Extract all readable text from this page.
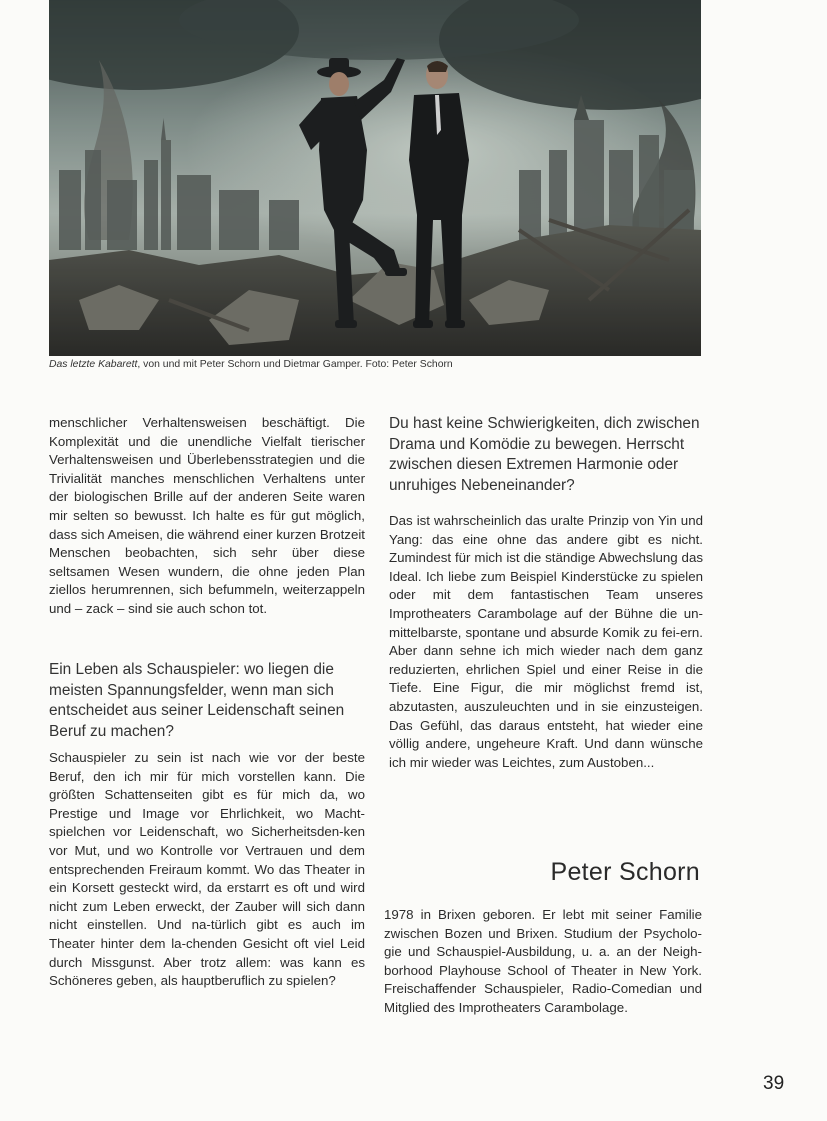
Das letzte Kabarett, von und mit Peter Schorn und Dietmar Gamper. Foto: Peter Schorn

menschlicher Verhaltensweisen beschäftigt. Die Komplexität und die unendliche Vielfalt tierischer Verhaltensweisen und Überlebensstrategien und die Trivialität manches menschlichen Verhaltens unter der biologischen Brille auf der anderen Seite waren mir selten so bewusst. Ich halte es für gut möglich, dass sich Ameisen, die während einer kurzen Brotzeit Menschen beobachten, sich sehr über diese seltsamen Wesen wundern, die ohne jeden Plan ziellos herumrennen, sich befummeln, weiterzappeln und – zack – sind sie auch schon tot.

Ein Leben als Schauspieler: wo liegen die meisten Spannungsfelder, wenn man sich entscheidet aus seiner Leidenschaft seinen Beruf zu machen?

Schauspieler zu sein ist nach wie vor der beste Beruf, den ich mir für mich vorstellen kann. Die größten Schattenseiten gibt es für mich da, wo Prestige und Image vor Ehrlichkeit, wo Macht-spielchen vor Leidenschaft, wo Sicherheitsden-ken vor Mut, und wo Kontrolle vor Vertrauen und dem entsprechenden Freiraum kommt. Wo das Theater in ein Korsett gesteckt wird, da erstarrt es oft und wird nicht zum Leben erweckt, der Zauber will sich dann nicht einstellen. Und na-türlich gibt es auch im Theater hinter dem la-chenden Gesicht oft viel Leid durch Missgunst. Aber trotz allem: was kann es Schöneres geben, als hauptberuflich zu spielen?

Du hast keine Schwierigkeiten, dich zwischen Drama und Komödie zu bewegen. Herrscht zwischen diesen Extremen Harmonie oder unruhiges Nebeneinander?

Das ist wahrscheinlich das uralte Prinzip von Yin und Yang: das eine ohne das andere gibt es nicht. Zumindest für mich ist die ständige Abwechslung das Ideal. Ich liebe zum Beispiel Kinderstücke zu spielen oder mit dem fantastischen Team unseres Improtheaters Carambolage auf der Bühne die un-mittelbarste, spontane und absurde Komik zu fei-ern. Aber dann sehne ich mich wieder nach dem ganz reduzierten, ehrlichen Spiel und einer Reise in die Tiefe. Eine Figur, die mir möglichst fremd ist, abzutasten, auszuleuchten und in sie einzusteigen. Das Gefühl, das daraus entsteht, hat wieder eine völlig andere, ungeheure Kraft. Und dann wünsche ich mir wieder was Leichtes, zum Austoben...

Peter Schorn

1978 in Brixen geboren. Er lebt mit seiner Familie zwischen Bozen und Brixen. Studium der Psycholo-gie und Schauspiel-Ausbildung, u. a. an der Neigh-borhood Playhouse School of Theater in New York. Freischaffender Schauspieler, Radio-Comedian und Mitglied des Improtheaters Carambolage.

39
